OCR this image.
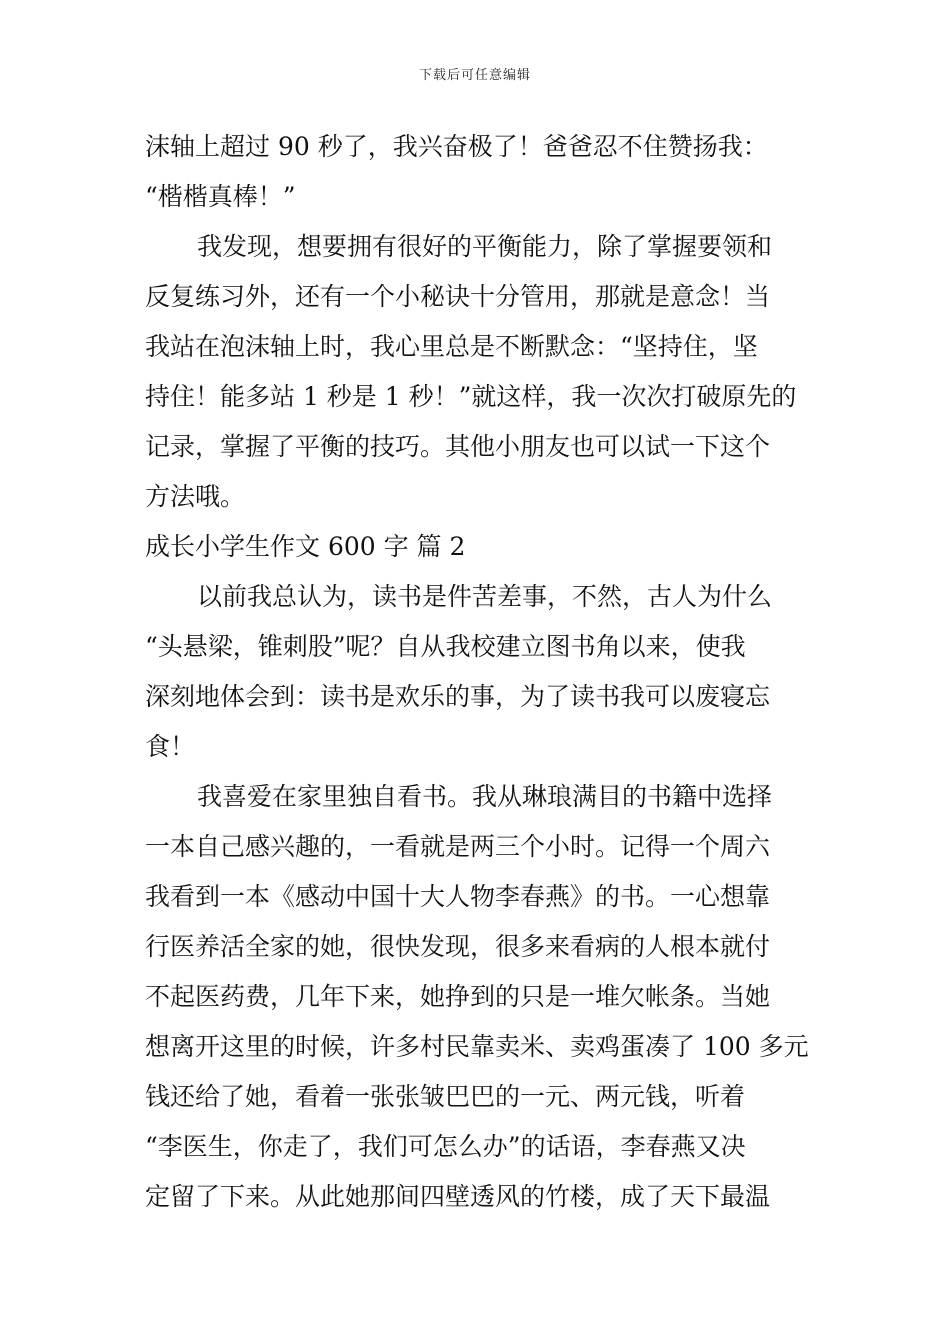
下载后可任意编辑
沫轴上超过 90 秒了，我兴奋极了！爸爸忍不住赞扬我：
“楷楷真棒！”
我发现，想要拥有很好的平衡能力，除了掌握要领和
反复练习外，还有一个小秘诀十分管用，那就是意念！当
我站在泡沫轴上时，我心里总是不断默念：“坚持住，坚
持住！能多站 1 秒是 1 秒！”就这样，我一次次打破原先的
记录，掌握了平衡的技巧。其他小朋友也可以试一下这个
方法哦。
成长小学生作文 600 字 篇 2
以前我总认为，读书是件苦差事，不然，古人为什么
“头悬梁，锥刺股”呢？自从我校建立图书角以来，使我
深刻地体会到：读书是欢乐的事，为了读书我可以废寝忘
食！
我喜爱在家里独自看书。我从琳琅满目的书籍中选择
一本自己感兴趣的，一看就是两三个小时。记得一个周六
我看到一本《感动中国十大人物李春燕》的书。一心想靠
行医养活全家的她，很快发现，很多来看病的人根本就付
不起医药费，几年下来，她挣到的只是一堆欠帐条。当她
想离开这里的时候，许多村民靠卖米、卖鸡蛋凑了 100 多元
钱还给了她，看着一张张皱巴巴的一元、两元钱，听着
“李医生，你走了，我们可怎么办”的话语，李春燕又决
定留了下来。从此她那间四壁透风的竹楼，成了天下最温
